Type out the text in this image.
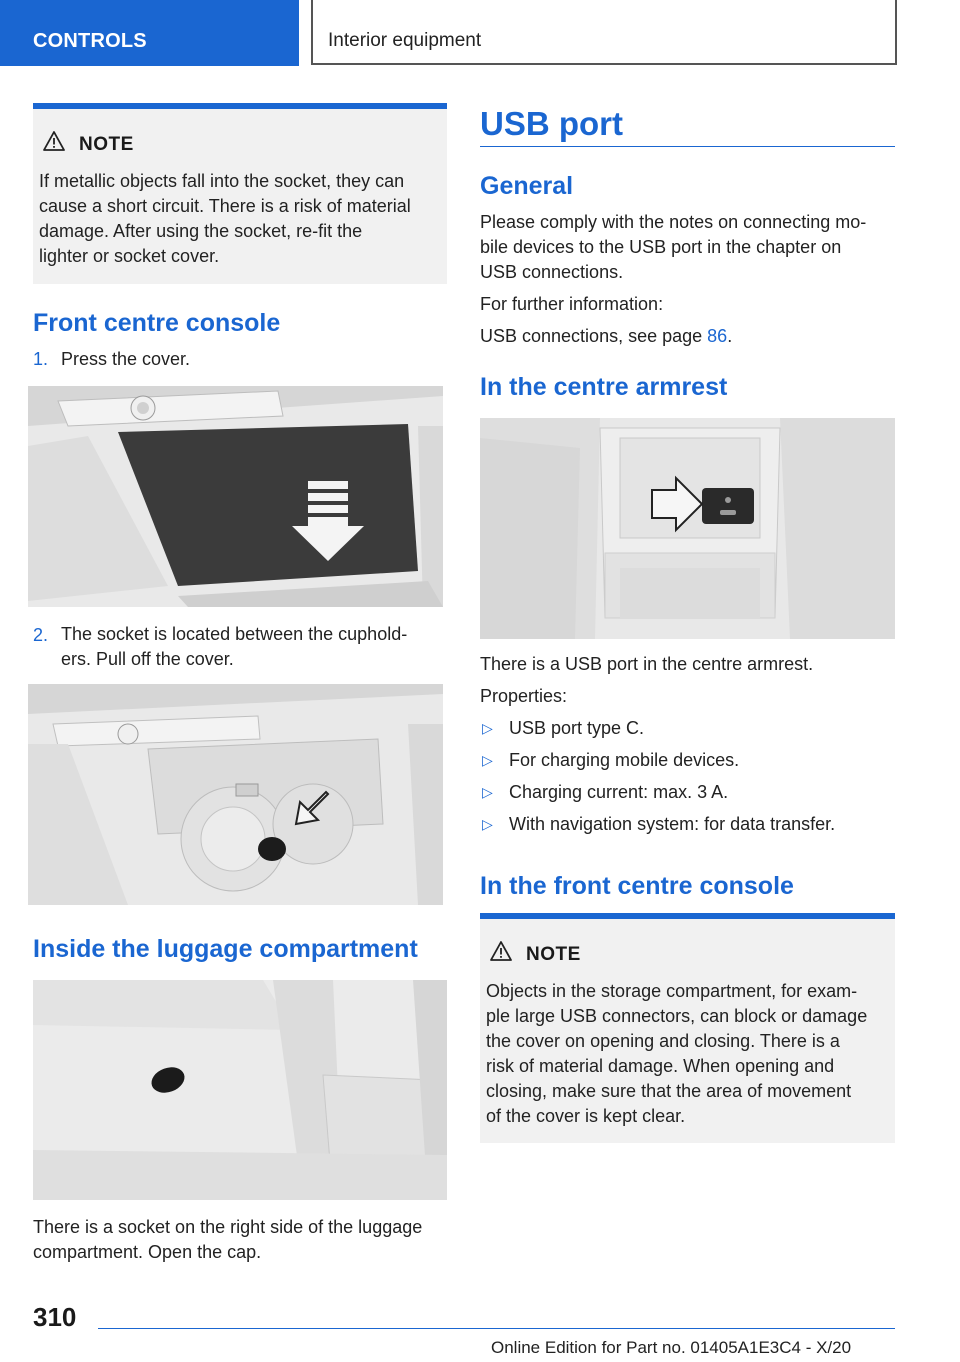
CONTROLS	Interior equipment
NOTE
If metallic objects fall into the socket, they can
cause a short circuit. There is a risk of material
damage. After using the socket, re-fit the
lighter or socket cover.
Front centre console
1. Press the cover.

2. The socket is located between the cuphold-

ers. Pull off the cover.

Inside the luggage compartment

There is a socket on the right side of the luggage

compartment. Open the cap.

USB port
General

Please comply with the notes on connecting mo-

bile devices to the USB port in the chapter on

USB connections.

For further information:

USB connections, see page 86.

In the centre armrest

There is a USB port in the centre armrest.

Properties:

▷ USB port type C.

▷ For charging mobile devices.

▷ Charging current: max. 3 A.

▷ With navigation system: for data transfer.

In the front centre console
NOTE
Objects in the storage compartment, for exam-
ple large USB connectors, can block or damage
the cover on opening and closing. There is a
risk of material damage. When opening and
closing, make sure that the area of movement
of the cover is kept clear.
310
Online Edition for Part no. 01405A1E3C4 - X/20
